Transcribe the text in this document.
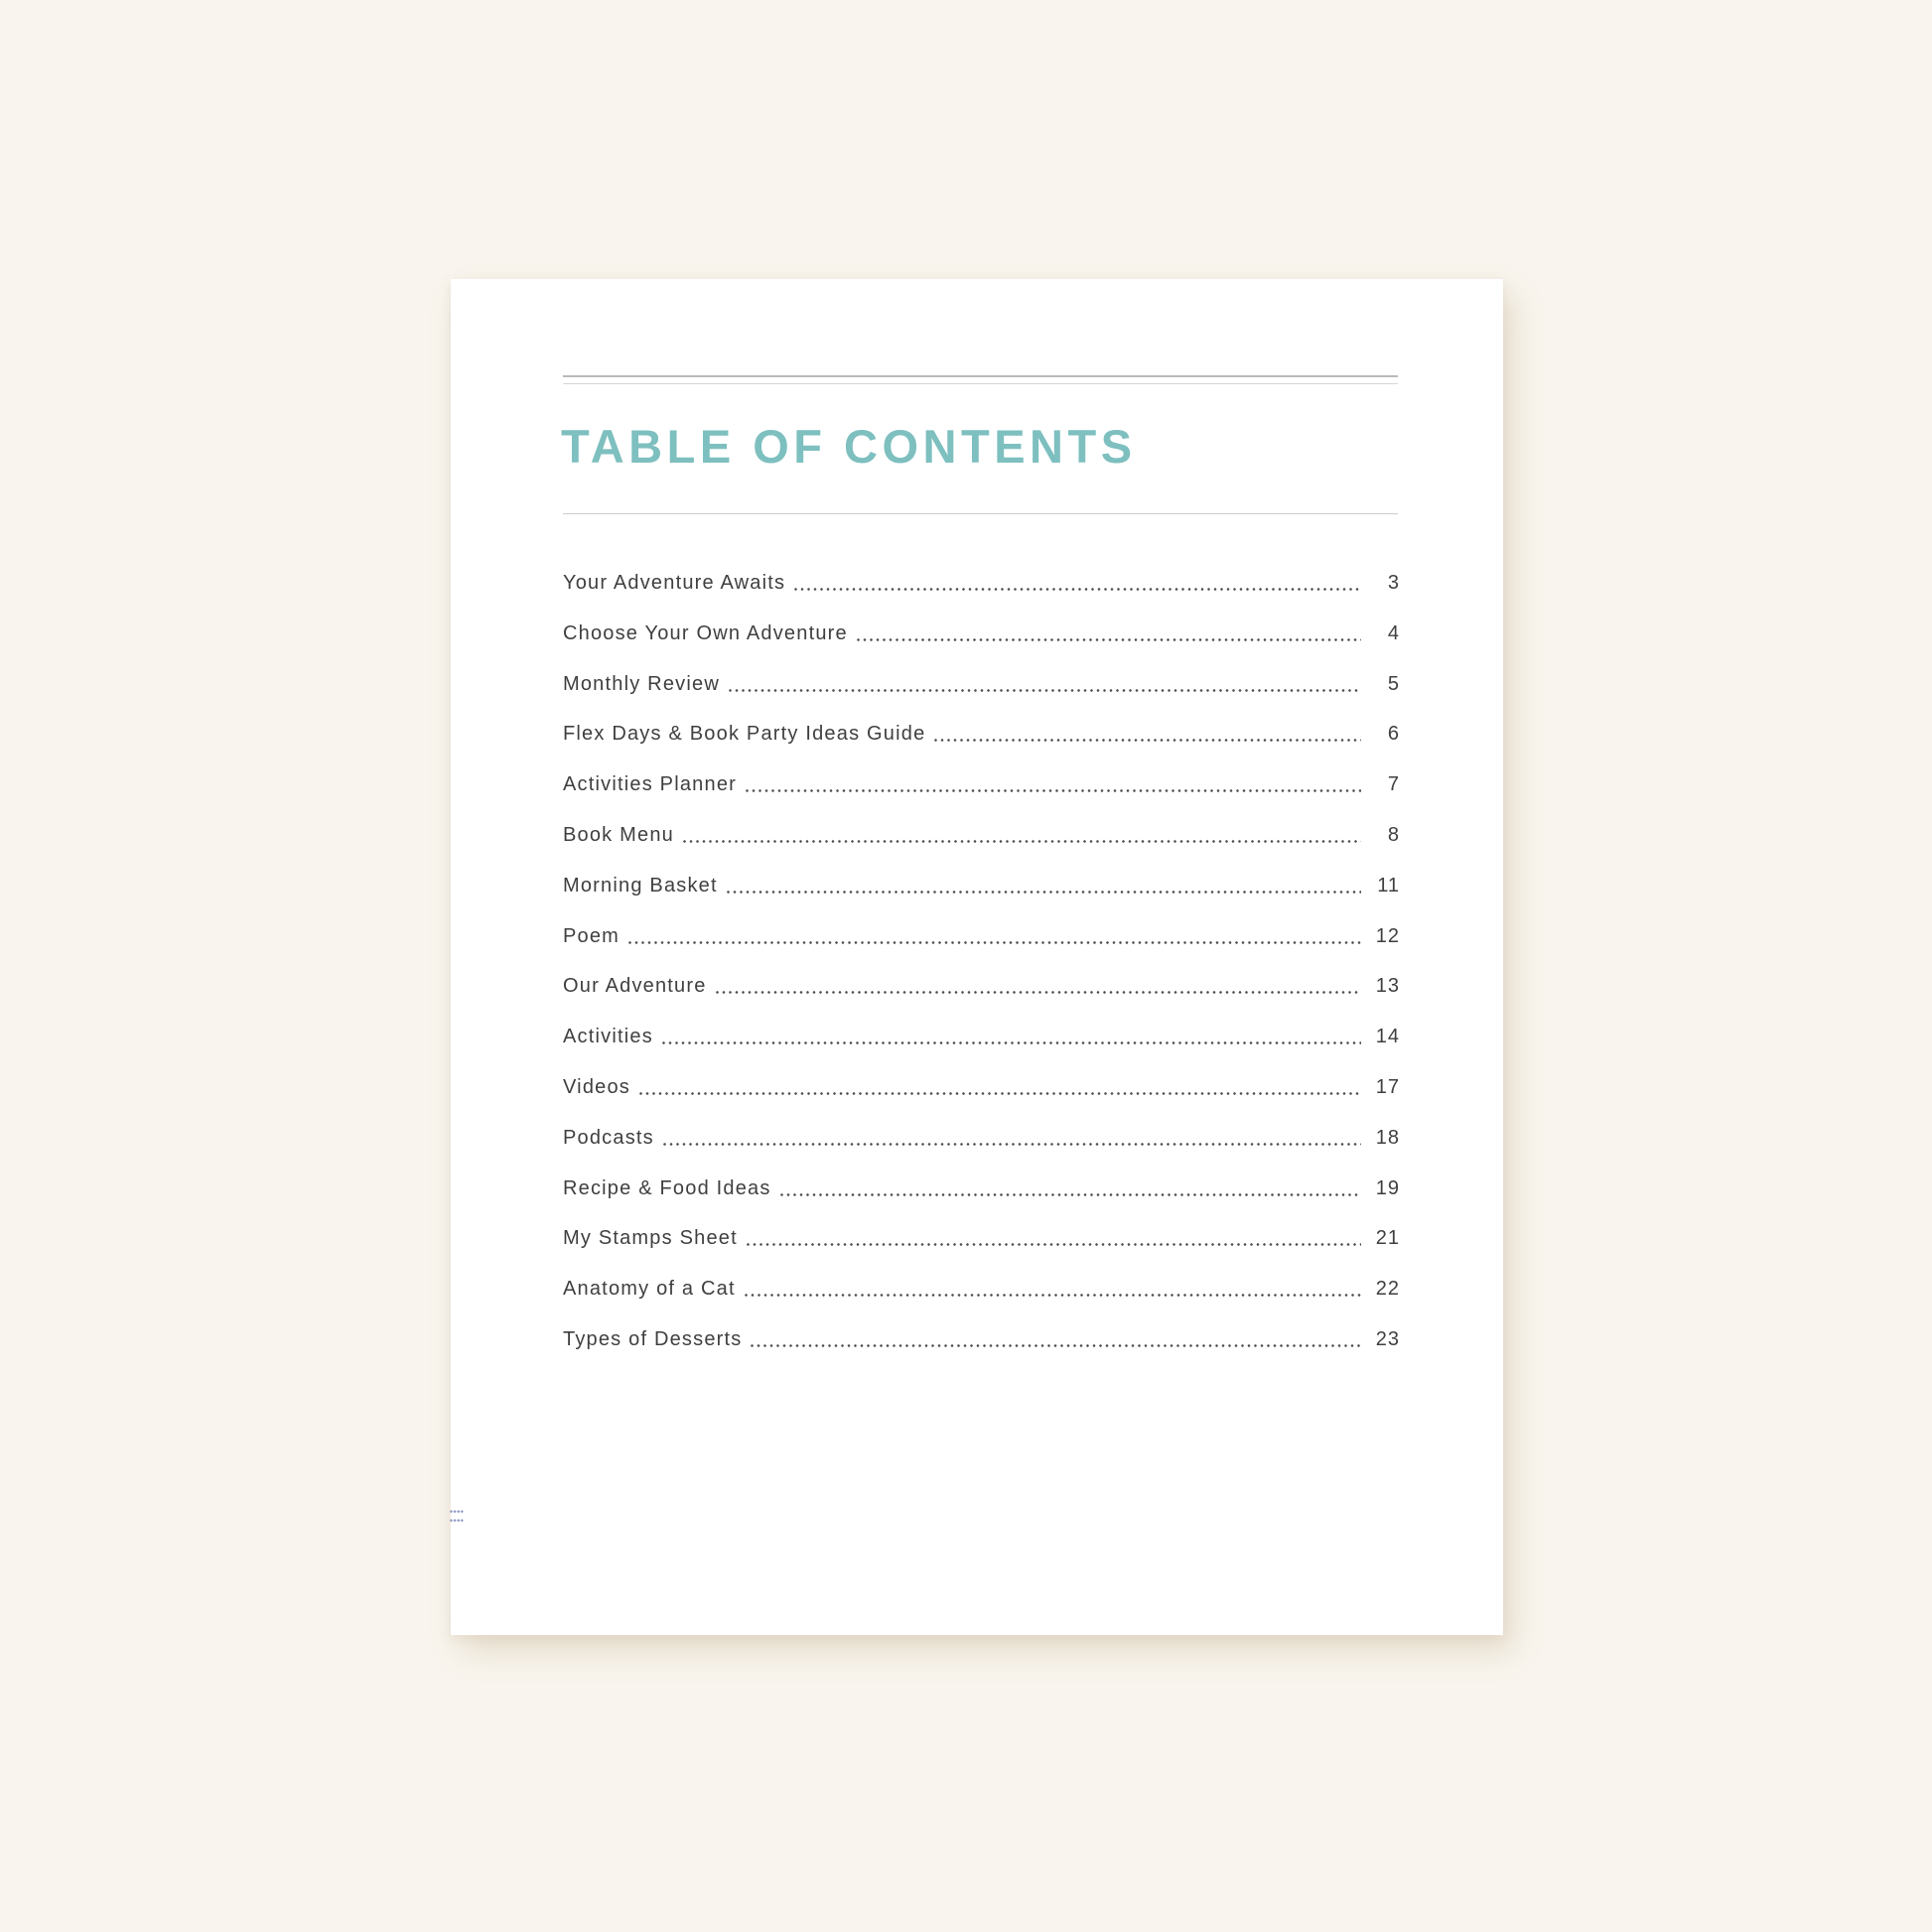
TABLE OF CONTENTS
Your Adventure Awaits	3
Choose Your Own Adventure	4
Monthly Review	5
Flex Days & Book Party Ideas Guide	6
Activities Planner	7
Book Menu	8
Morning Basket	11
Poem	12
Our Adventure	13
Activities	14
Videos	17
Podcasts	18
Recipe & Food Ideas	19
My Stamps Sheet	21
Anatomy of a Cat	22
Types of Desserts	23
